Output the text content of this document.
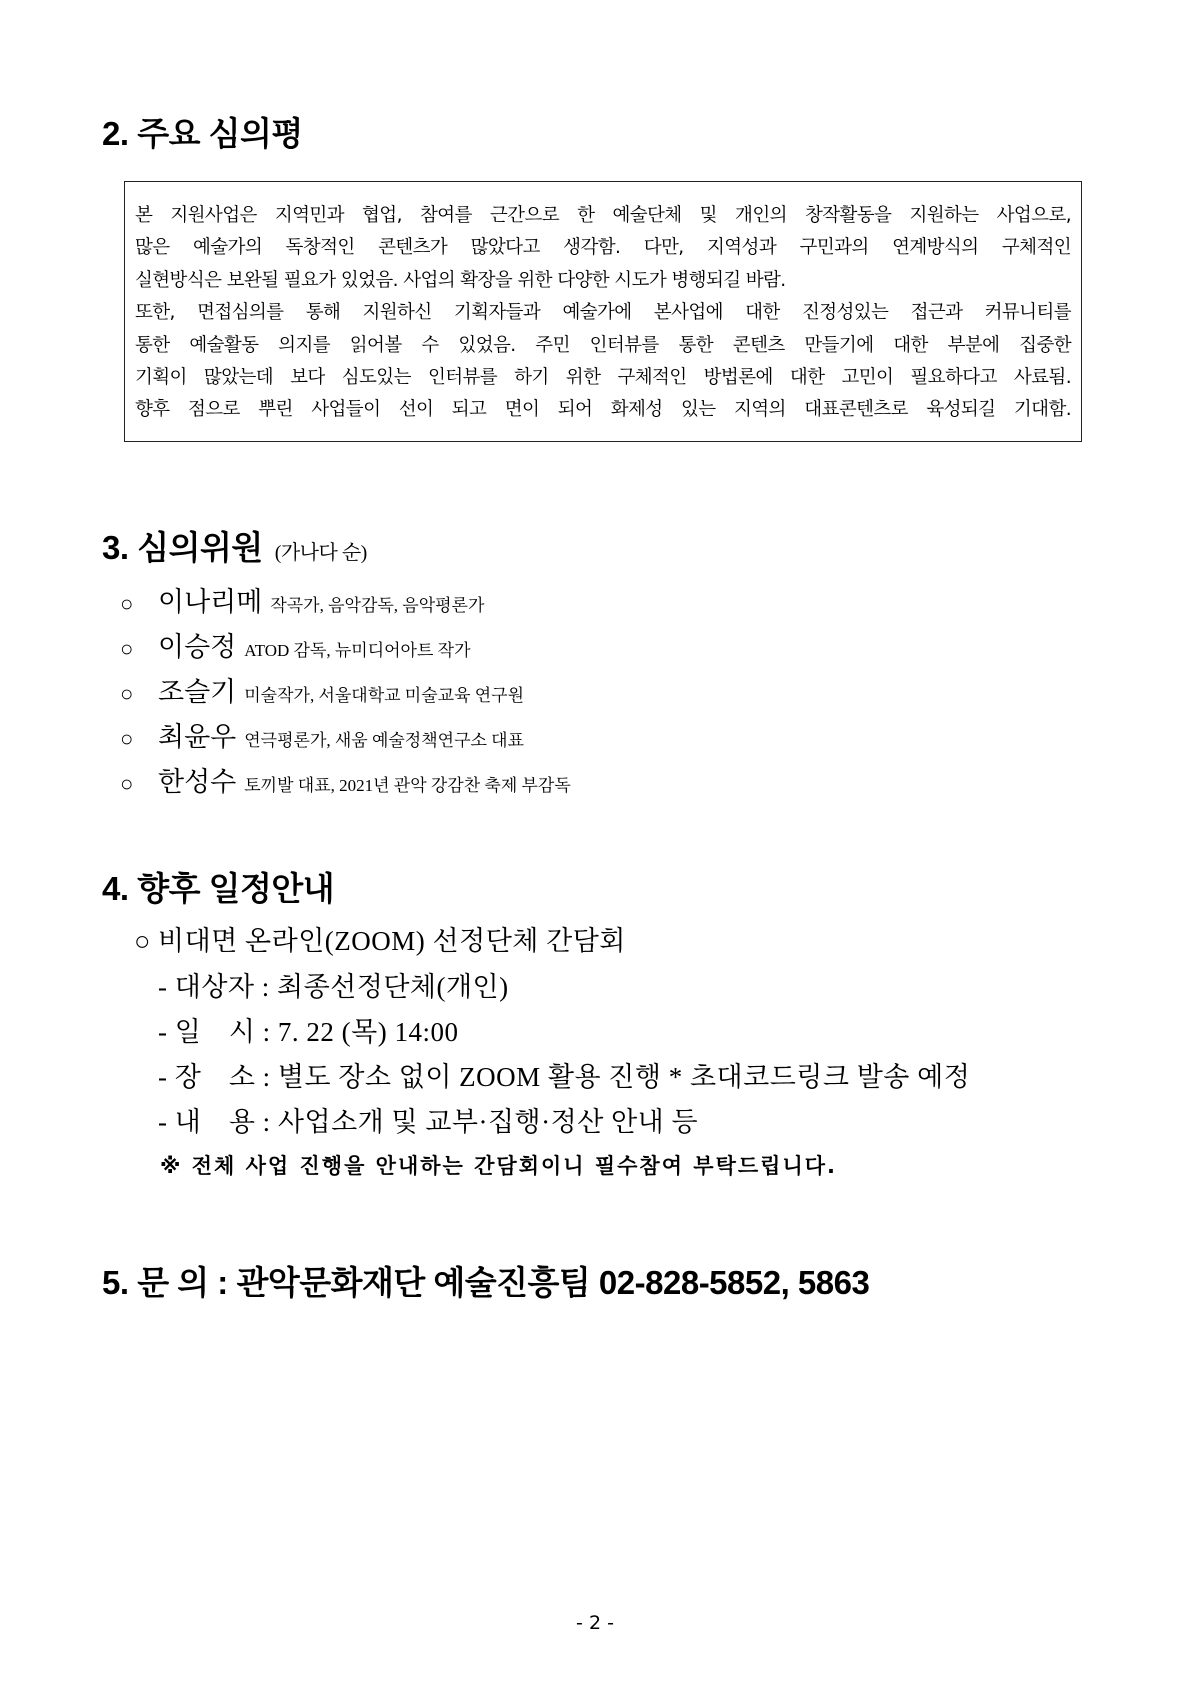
2. 주요 심의평

본 지원사업은 지역민과 협업, 참여를 근간으로 한 예술단체 및 개인의 창작활동을 지원하는 사업으로,

많은 예술가의 독창적인 콘텐츠가 많았다고 생각함. 다만, 지역성과 구민과의 연계방식의 구체적인

실현방식은 보완될 필요가 있었음. 사업의 확장을 위한 다양한 시도가 병행되길 바람.

또한, 면접심의를 통해 지원하신 기획자들과 예술가에 본사업에 대한 진정성있는 접근과 커뮤니티를

통한 예술활동 의지를 읽어볼 수 있었음. 주민 인터뷰를 통한 콘텐츠 만들기에 대한 부분에 집중한

기획이 많았는데 보다 심도있는 인터뷰를 하기 위한 구체적인 방법론에 대한 고민이 필요하다고 사료됨.

향후 점으로 뿌린 사업들이 선이 되고 면이 되어 화제성 있는 지역의 대표콘텐츠로 육성되길 기대함.

3. 심의위원 (가나다 순)
○ 이나리메 작곡가, 음악감독, 음악평론가
○ 이승정 ATOD 감독, 뉴미디어아트 작가
○ 조슬기 미술작가, 서울대학교 미술교육 연구원
○ 최윤우 연극평론가, 새움 예술정책연구소 대표
○ 한성수 토끼발 대표, 2021년 관악 강감찬 축제 부감독
4. 향후 일정안내
○ 비대면 온라인(ZOOM) 선정단체 간담회
- 대상자 : 최종선정단체(개인)
- 일　시 : 7. 22 (목) 14:00
- 장　소 : 별도 장소 없이 ZOOM 활용 진행 * 초대코드링크 발송 예정
- 내　용 : 사업소개 및 교부·집행·정산 안내 등
※ 전체 사업 진행을 안내하는 간담회이니 필수참여 부탁드립니다.
5. 문 의 : 관악문화재단 예술진흥팀 02-828-5852, 5863
- 2 -
